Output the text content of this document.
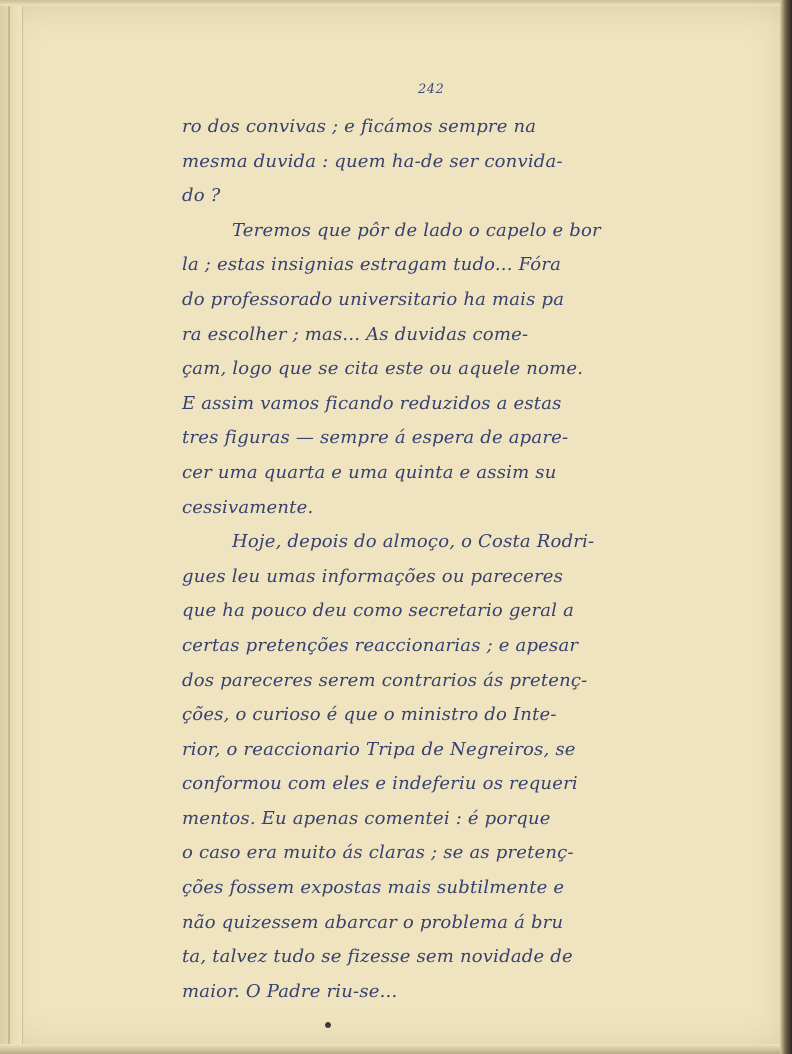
242
ro dos convivas ; e ficámos sempre na
mesma duvida : quem ha-de ser convida-
do ?
Teremos que pôr de lado o capelo e bor
la ; estas insignias estragam tudo... Fóra
do professorado universitario ha mais pa
ra escolher ; mas... As duvidas come-
çam, logo que se cita este ou aquele nome.
E assim vamos ficando reduzidos a estas
tres figuras — sempre á espera de apare-
cer uma quarta e uma quinta e assim su
cessivamente.
Hoje, depois do almoço, o Costa Rodri-
gues leu umas informações ou pareceres
que ha pouco deu como secretario geral a
certas pretenções reaccionarias ; e apesar
dos pareceres serem contrarios ás pretenç-
ções, o curioso é que o ministro do Inte-
rior, o reaccionario Tripa de Negreiros, se
conformou com eles e indeferiu os requeri
mentos. Eu apenas comentei : é porque
o caso era muito ás claras ; se as pretenç-
ções fossem expostas mais subtilmente e
não quizessem abarcar o problema á bru
ta, talvez tudo se fizesse sem novidade de
maior. O Padre riu-se...
